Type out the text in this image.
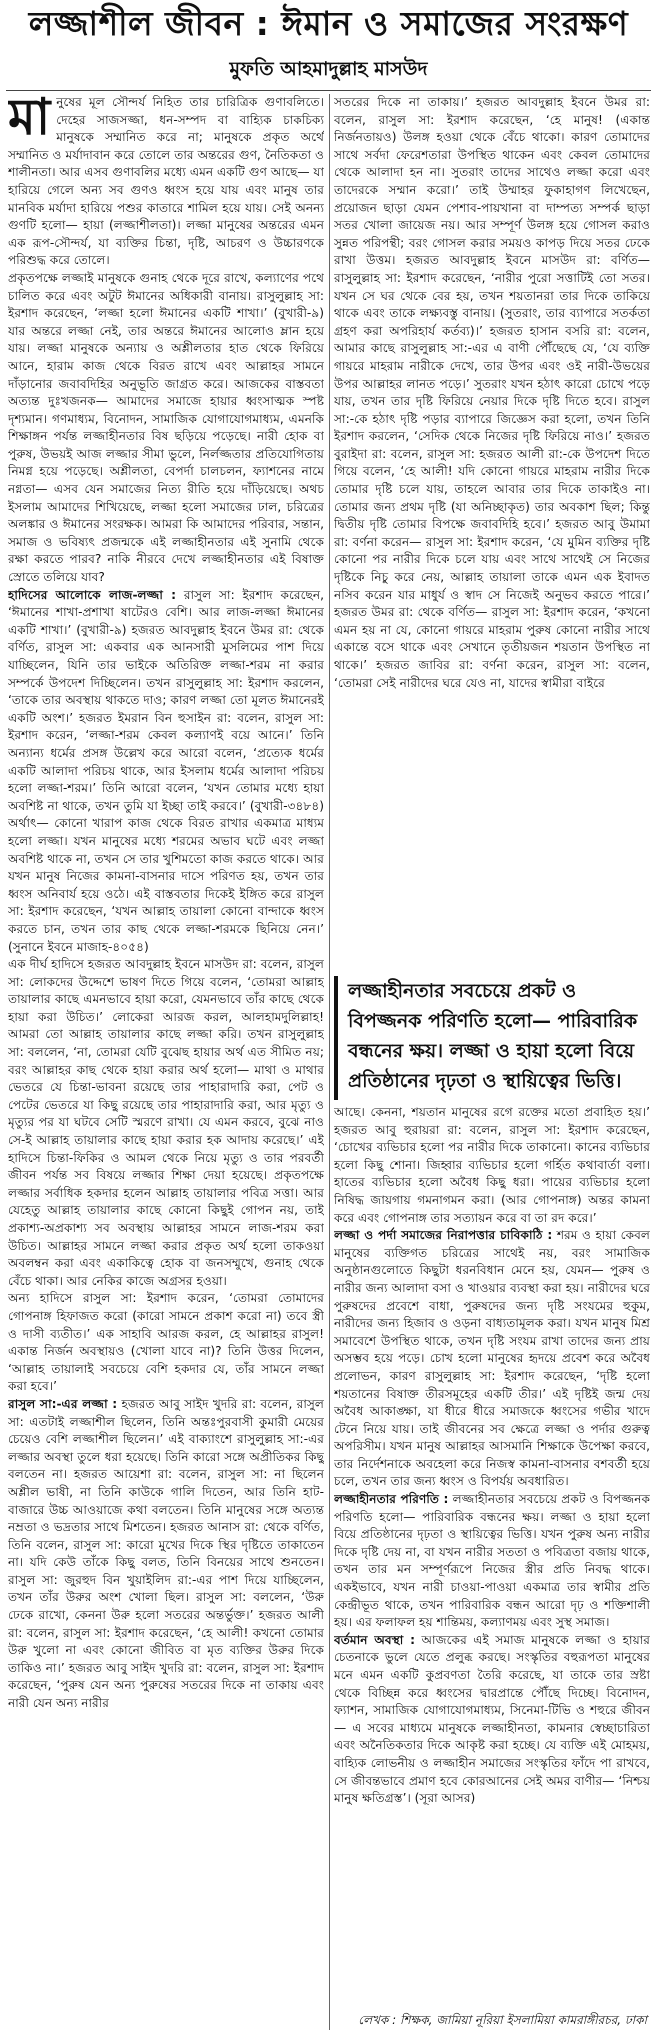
লজ্জাশীল জীবন : ঈমান ও সমাজের সংরক্ষণ
মুফতি আহমাদুল্লাহ মাসউদ

মানুষের মূল সৌন্দর্য নিহিত তার চারিত্রিক গুণাবলিতে। দেহের সাজসজ্জা, ধন-সম্পদ বা বাহ্যিক চাকচিক্য মানুষকে সম্মানিত করে না; মানুষকে প্রকৃত অর্থে সম্মানিত ও মর্যাদাবান করে তোলে তার অন্তরের গুণ, নৈতিকতা ও শালীনতা। আর এসব গুণাবলির মধ্যে এমন একটি গুণ আছে— যা হারিয়ে গেলে অন্য সব গুণও ধ্বংস হয়ে যায় এবং মানুষ তার মানবিক মর্যাদা হারিয়ে পশুর কাতারে শামিল হয়ে যায়। সেই অনন্য গুণটি হলো— হায়া (লজ্জাশীলতা)। লজ্জা মানুষের অন্তরের এমন এক রূপ-সৌন্দর্য, যা ব্যক্তির চিন্তা, দৃষ্টি, আচরণ ও উচ্চারণকে পরিশুদ্ধ করে তোলে।

প্রকৃতপক্ষে লজ্জাই মানুষকে গুনাহ থেকে দূরে রাখে, কল্যাণের পথে চালিত করে এবং অটুট ঈমানের অধিকারী বানায়। রাসুলুল্লাহ সা: ইরশাদ করেছেন, ‘লজ্জা হলো ঈমানের একটি শাখা।’ (বুখারী-৯) যার অন্তরে লজ্জা নেই, তার অন্তরে ঈমানের আলোও ম্লান হয়ে যায়। লজ্জা মানুষকে অন্যায় ও অশ্লীলতার হাত থেকে ফিরিয়ে আনে, হারাম কাজ থেকে বিরত রাখে এবং আল্লাহর সামনে দাঁড়ানোর জবাবদিহির অনুভূতি জাগ্রত করে। আজকের বাস্তবতা অত্যন্ত দুঃখজনক— আমাদের সমাজে হায়ার ধ্বংসাত্মক স্পষ্ট দৃশ্যমান। গণমাধ্যম, বিনোদন, সামাজিক যোগাযোগমাধ্যম, এমনকি শিক্ষাঙ্গন পর্যন্ত লজ্জাহীনতার বিষ ছড়িয়ে পড়েছে। নারী হোক বা পুরুষ, উভয়ই আজ লজ্জার সীমা ভুলে, নির্লজ্জতার প্রতিযোগিতায় নিমগ্ন হয়ে পড়েছে। অশ্লীলতা, বেপর্দা চালচলন, ফ্যাশনের নামে নগ্নতা— এসব যেন সমাজের নিত্য রীতি হয়ে দাঁড়িয়েছে। অথচ ইসলাম আমাদের শিখিয়েছে, লজ্জা হলো সমাজের ঢাল, চরিত্রের অলঙ্কার ও ঈমানের সংরক্ষক। আমরা কি আমাদের পরিবার, সন্তান, সমাজ ও ভবিষ্যৎ প্রজন্মকে এই লজ্জাহীনতার এই সুনামি থেকে রক্ষা করতে পারব? নাকি নীরবে দেখে লজ্জাহীনতার এই বিষাক্ত স্রোতে তলিয়ে যাব?

হাদিসের আলোকে লাজ-লজ্জা : রাসুল সা: ইরশাদ করেছেন, ‘ঈমানের শাখা-প্রশাখা ষাটেরও বেশি। আর লাজ-লজ্জা ঈমানের একটি শাখা।’ (বুখারী-৯) হজরত আবদুল্লাহ ইবনে উমর রা: থেকে বর্ণিত, রাসুল সা: একবার এক আনসারী মুসলিমের পাশ দিয়ে যাচ্ছিলেন, যিনি তার ভাইকে অতিরিক্ত লজ্জা-শরম না করার সম্পর্কে উপদেশ দিচ্ছিলেন। তখন রাসুলুল্লাহ সা: ইরশাদ করলেন, ‘তাকে তার অবস্থায় থাকতে দাও; কারণ লজ্জা তো মূলত ঈমানেরই একটি অংশ।’ হজরত ইমরান বিন হুসাইন রা: বলেন, রাসুল সা: ইরশাদ করেন, ‘লজ্জা-শরম কেবল কল্যাণই বয়ে আনে।’ তিনি অন্যান্য ধর্মের প্রসঙ্গ উল্লেখ করে আরো বলেন, ‘প্রত্যেক ধর্মের একটি আলাদা পরিচয় থাকে, আর ইসলাম ধর্মের আলাদা পরিচয় হলো লজ্জা-শরম।’ তিনি আরো বলেন, ‘যখন তোমার মধ্যে হায়া অবশিষ্ট না থাকে, তখন তুমি যা ইচ্ছা তাই করবে।’ (বুখারী-৩৪৮৪) অর্থাৎ— কোনো খারাপ কাজ থেকে বিরত রাখার একমাত্র মাধ্যম হলো লজ্জা। যখন মানুষের মধ্যে শরমের অভাব ঘটে এবং লজ্জা অবশিষ্ট থাকে না, তখন সে তার খুশিমতো কাজ করতে থাকে। আর যখন মানুষ নিজের কামনা-বাসনার দাসে পরিণত হয়, তখন তার ধ্বংস অনিবার্য হয়ে ওঠে। এই বাস্তবতার দিকেই ইঙ্গিত করে রাসুল সা: ইরশাদ করেছেন, ‘যখন আল্লাহ তায়ালা কোনো বান্দাকে ধ্বংস করতে চান, তখন তার কাছ থেকে লজ্জা-শরমকে ছিনিয়ে নেন।’ (সুনানে ইবনে মাজাহ-৪০৫৪)

এক দীর্ঘ হাদিসে হজরত আবদুল্লাহ ইবনে মাসউদ রা: বলেন, রাসুল সা: লোকদের উদ্দেশে ভাষণ দিতে গিয়ে বলেন, ‘তোমরা আল্লাহ তায়ালার কাছে এমনভাবে হায়া করো, যেমনভাবে তাঁর কাছে থেকে হায়া করা উচিত।’ লোকেরা আরজ করল, আলহামদুলিল্লাহ! আমরা তো আল্লাহ তায়ালার কাছে লজ্জা করি। তখন রাসুলুল্লাহ সা: বললেন, ‘না, তোমরা যেটি বুঝেছ হায়ার অর্থ এত সীমিত নয়; বরং আল্লাহর কাছ থেকে হায়া করার অর্থ হলো— মাথা ও মাথার ভেতরে যে চিন্তা-ভাবনা রয়েছে তার পাহারাদারি করা, পেট ও পেটের ভেতরে যা কিছু রয়েছে তার পাহারাদারি করা, আর মৃত্যু ও মৃত্যুর পর যা ঘটবে সেটি স্মরণে রাখা। যে এমন করবে, বুঝে নাও সে-ই আল্লাহ তায়ালার কাছে হায়া করার হক আদায় করেছে।’ এই হাদিসে চিন্তা-ফিকির ও আমল থেকে নিয়ে মৃত্যু ও তার পরবর্তী জীবন পর্যন্ত সব বিষয়ে লজ্জার শিক্ষা দেয়া হয়েছে। প্রকৃতপক্ষে লজ্জার সর্বাধিক হকদার হলেন আল্লাহ তায়ালার পবিত্র সত্তা। আর যেহেতু আল্লাহ তায়ালার কাছে কোনো কিছুই গোপন নয়, তাই প্রকাশ্য-অপ্রকাশ্য সব অবস্থায় আল্লাহর সামনে লাজ-শরম করা উচিত। আল্লাহর সামনে লজ্জা করার প্রকৃত অর্থ হলো তাকওয়া অবলম্বন করা এবং একাকিত্বে হোক বা জনসম্মুখে, গুনাহ থেকে বেঁচে থাকা। আর নেকির কাজে অগ্রসর হওয়া।

অন্য হাদিসে রাসুল সা: ইরশাদ করেন, ‘তোমরা তোমাদের গোপনাঙ্গ হিফাজত করো (কারো সামনে প্রকাশ করো না) তবে স্ত্রী ও দাসী ব্যতীত।’ এক সাহাবি আরজ করল, হে আল্লাহর রাসুল! একান্ত নির্জন অবস্থায়ও (খোলা যাবে না)? তিনি উত্তর দিলেন, ‘আল্লাহ তায়ালাই সবচেয়ে বেশি হকদার যে, তাঁর সামনে লজ্জা করা হবে।’

রাসুল সা:-এর লজ্জা : হজরত আবু সাইদ খুদরি রা: বলেন, রাসুল সা: এতটাই লজ্জাশীল ছিলেন, তিনি অন্তঃপুরবাসী কুমারী মেয়ের চেয়েও বেশি লজ্জাশীল ছিলেন।’ এই বাক্যাংশে রাসুলুল্লাহ সা:-এর লজ্জার অবস্থা তুলে ধরা হয়েছে। তিনি কারো সঙ্গে অপ্রীতিকর কিছু বলতেন না। হজরত আয়েশা রা: বলেন, রাসুল সা: না ছিলেন অশ্লীল ভাষী, না তিনি কাউকে গালি দিতেন, আর তিনি হাট-বাজারে উচ্চ আওয়াজে কথা বলতেন। তিনি মানুষের সঙ্গে অত্যন্ত নম্রতা ও ভদ্রতার সাথে মিশতেন। হজরত আনাস রা: থেকে বর্ণিত, তিনি বলেন, রাসুল সা: কারো মুখের দিকে স্থির দৃষ্টিতে তাকাতেন না। যদি কেউ তাঁকে কিছু বলত, তিনি বিনয়ের সাথে শুনতেন। রাসুল সা: জুরহুদ বিন খুয়াইলিদ রা:-এর পাশ দিয়ে যাচ্ছিলেন, তখন তাঁর উরুর অংশ খোলা ছিল। রাসুল সা: বললেন, ‘উরু ঢেকে রাখো, কেননা উরু হলো সতরের অন্তর্ভুক্ত।’ হজরত আলী রা: বলেন, রাসুল সা: ইরশাদ করেছেন, ‘হে আলী! কখনো তোমার উরু খুলো না এবং কোনো জীবিত বা মৃত ব্যক্তির উরুর দিকে তাকিও না।’ হজরত আবু সাইদ খুদরি রা: বলেন, রাসুল সা: ইরশাদ করেছেন, ‘পুরুষ যেন অন্য পুরুষের সতরের দিকে না তাকায় এবং নারী যেন অন্য নারীর

সতরের দিকে না তাকায়।’ হজরত আবদুল্লাহ ইবনে উমর রা: বলেন, রাসুল সা: ইরশাদ করেছেন, ‘হে মানুষ! (একান্ত নির্জনতায়ও) উলঙ্গ হওয়া থেকে বেঁচে থাকো। কারণ তোমাদের সাথে সর্বদা ফেরেশতারা উপস্থিত থাকেন এবং কেবল তোমাদের থেকে আলাদা হন না। সুতরাং তাদের সাথেও লজ্জা করো এবং তাদেরকে সম্মান করো।’ তাই উম্মাহর ফুকাহাগণ লিখেছেন, প্রয়োজন ছাড়া যেমন পেশাব-পায়খানা বা দাম্পত্য সম্পর্ক ছাড়া সতর খোলা জায়েজ নয়। আর সম্পূর্ণ উলঙ্গ হয়ে গোসল করাও সুন্নত পরিপন্থী; বরং গোসল করার সময়ও কাপড় দিয়ে সতর ঢেকে রাখা উত্তম। হজরত আবদুল্লাহ ইবনে মাসউদ রা: বর্ণিত— রাসুলুল্লাহ সা: ইরশাদ করেছেন, ‘নারীর পুরো সত্তাটিই তো সতর। যখন সে ঘর থেকে বের হয়, তখন শয়তানরা তার দিকে তাকিয়ে থাকে এবং তাকে লক্ষ্যবস্তু বানায়। (সুতরাং, তার ব্যাপারে সতর্কতা গ্রহণ করা অপরিহার্য কর্তব্য)।’ হজরত হাসান বসরি রা: বলেন, আমার কাছে রাসুলুল্লাহ সা:-এর এ বাণী পৌঁছেছে যে, ‘যে ব্যক্তি গায়রে মাহরাম নারীকে দেখে, তার উপর এবং ওই নারী-উভয়ের উপর আল্লাহর লানত পড়ে।’ সুতরাং যখন হঠাৎ কারো চোখে পড়ে যায়, তখন তার দৃষ্টি ফিরিয়ে নেয়ার দিকে দৃষ্টি দিতে হবে। রাসুল সা:-কে হঠাৎ দৃষ্টি পড়ার ব্যাপারে জিজ্ঞেস করা হলো, তখন তিনি ইরশাদ করলেন, ‘সেদিক থেকে নিজের দৃষ্টি ফিরিয়ে নাও।’ হজরত বুরাইদা রা: বলেন, রাসুল সা: হজরত আলী রা:-কে উপদেশ দিতে গিয়ে বলেন, ‘হে আলী! যদি কোনো গায়রে মাহরাম নারীর দিকে তোমার দৃষ্টি চলে যায়, তাহলে আবার তার দিকে তাকাইও না। তোমার জন্য প্রথম দৃষ্টি (যা অনিচ্ছাকৃত) তার অবকাশ ছিল; কিন্তু দ্বিতীয় দৃষ্টি তোমার বিপক্ষে জবাবদিহি হবে।’ হজরত আবু উমামা রা: বর্ণনা করেন— রাসুল সা: ইরশাদ করেন, ‘যে মুমিন ব্যক্তির দৃষ্টি কোনো পর নারীর দিকে চলে যায় এবং সাথে সাথেই সে নিজের দৃষ্টিকে নিচু করে নেয়, আল্লাহ তায়ালা তাকে এমন এক ইবাদত নসিব করেন যার মাধুর্য ও স্বাদ সে নিজেই অনুভব করতে পারে।’ হজরত উমর রা: থেকে বর্ণিত— রাসুল সা: ইরশাদ করেন, ‘কখনো এমন হয় না যে, কোনো গায়রে মাহরাম পুরুষ কোনো নারীর সাথে একান্তে বসে থাকে এবং সেখানে তৃতীয়জন শয়তান উপস্থিত না থাকে।’ হজরত জাবির রা: বর্ণনা করেন, রাসুল সা: বলেন, ‘তোমরা সেই নারীদের ঘরে যেও না, যাদের স্বামীরা বাইরে

লজ্জাহীনতার সবচেয়ে প্রকট ও বিপজ্জনক পরিণতি হলো— পারিবারিক বন্ধনের ক্ষয়। লজ্জা ও হায়া হলো বিয়ে প্রতিষ্ঠানের দৃঢ়তা ও স্থায়িত্বের ভিত্তি।

আছে। কেননা, শয়তান মানুষের রগে রক্তের মতো প্রবাহিত হয়।’ হজরত আবু হুরায়রা রা: বলেন, রাসুল সা: ইরশাদ করেছেন, ‘চোখের ব্যভিচার হলো পর নারীর দিকে তাকানো। কানের ব্যভিচার হলো কিছু শোনা। জিহ্বার ব্যভিচার হলো গর্হিত কথাবার্তা বলা। হাতের ব্যভিচার হলো অবৈধ কিছু ধরা। পায়ের ব্যভিচার হলো নিষিদ্ধ জায়গায় গমনাগমন করা। (আর গোপনাঙ্গ) অন্তর কামনা করে এবং গোপনাঙ্গ তার সত্যায়ন করে বা তা রদ করে।’

লজ্জা ও পর্দা সমাজের নিরাপত্তার চাবিকাঠি : শরম ও হায়া কেবল মানুষের ব্যক্তিগত চরিত্রের সাথেই নয়, বরং সামাজিক অনুষ্ঠানগুলোতে কিছুটা ধরনবিধান মেনে হয়, যেমন— পুরুষ ও নারীর জন্য আলাদা বসা ও খাওয়ার ব্যবস্থা করা হয়। নারীদের ঘরে পুরুষদের প্রবেশে বাধা, পুরুষদের জন্য দৃষ্টি সংযমের হুকুম, নারীদের জন্য হিজাব ও ওড়না বাধ্যতামূলক করা। যখন মানুষ মিশ্র সমাবেশে উপস্থিত থাকে, তখন দৃষ্টি সংযম রাখা তাদের জন্য প্রায় অসম্ভব হয়ে পড়ে। চোখ হলো মানুষের হৃদয়ে প্রবেশ করে অবৈধ প্রলোভন, কারণ রাসুলুল্লাহ সা: ইরশাদ করেছেন, ‘দৃষ্টি হলো শয়তানের বিষাক্ত তীরসমূহের একটি তীর।’ এই দৃষ্টিই জন্ম দেয় অবৈধ আকাঙ্ক্ষা, যা ধীরে ধীরে সমাজকে ধ্বংসের গভীর খাদে টেনে নিয়ে যায়। তাই জীবনের সব ক্ষেত্রে লজ্জা ও পর্দার গুরুত্ব অপরিসীম। যখন মানুষ আল্লাহর আসমানি শিক্ষাকে উপেক্ষা করবে, তার নির্দেশনাকে অবহেলা করে নিজস্ব কামনা-বাসনার বশবর্তী হয়ে চলে, তখন তার জন্য ধ্বংস ও বিপর্যয় অবধারিত।

লজ্জাহীনতার পরিণতি : লজ্জাহীনতার সবচেয়ে প্রকট ও বিপজ্জনক পরিণতি হলো— পারিবারিক বন্ধনের ক্ষয়। লজ্জা ও হায়া হলো বিয়ে প্রতিষ্ঠানের দৃঢ়তা ও স্থায়িত্বের ভিত্তি। যখন পুরুষ অন্য নারীর দিকে দৃষ্টি দেয় না, বা যখন নারীর সততা ও পবিত্রতা বজায় থাকে, তখন তার মন সম্পূর্ণরূপে নিজের স্ত্রীর প্রতি নিবদ্ধ থাকে। একইভাবে, যখন নারী চাওয়া-পাওয়া একমাত্র তার স্বামীর প্রতি কেন্দ্রীভূত থাকে, তখন পারিবারিক বন্ধন আরো দৃঢ় ও শক্তিশালী হয়। এর ফলাফল হয় শান্তিময়, কল্যাণময় এবং সুস্থ সমাজ।

বর্তমান অবস্থা : আজকের এই সমাজ মানুষকে লজ্জা ও হায়ার চেতনাকে ভুলে যেতে প্রলুব্ধ করছে। সংস্কৃতির বহুরূপতা মানুষের মনে এমন একটি কুপ্রবণতা তৈরি করেছে, যা তাকে তার স্রষ্টা থেকে বিচ্ছিন্ন করে ধ্বংসের দ্বারপ্রান্তে পৌঁছে দিচ্ছে। বিনোদন, ফ্যাশন, সামাজিক যোগাযোগমাধ্যম, সিনেমা-টিভি ও শহুরে জীবন— এ সবের মাধ্যমে মানুষকে লজ্জাহীনতা, কামনার স্বেচ্ছাচারিতা এবং অনৈতিকতার দিকে আকৃষ্ট করা হচ্ছে। যে ব্যক্তি এই মোহময়, বাহ্যিক লোভনীয় ও লজ্জাহীন সমাজের সংস্কৃতির ফাঁদে পা রাখবে, সে জীবন্তভাবে প্রমাণ হবে কোরআনের সেই অমর বাণীর— ‘নিশ্চয় মানুষ ক্ষতিগ্রস্ত’। (সূরা আসর)

লেখক : শিক্ষক, জামিয়া নূরিয়া ইসলামিয়া কামরাঙ্গীরচর, ঢাকা
